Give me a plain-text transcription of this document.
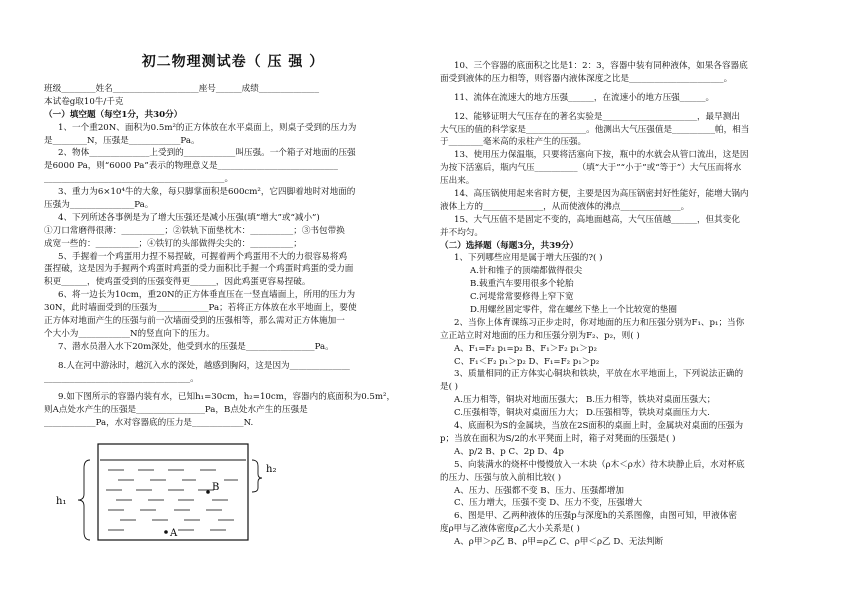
初二物理测试卷（ 压 强 ）
班级________姓名____________________座号______成绩______________
本试卷g取10牛/千克
（一）填空题（每空1分，共30分）
1、一个重20N、面积为0.5m²的正方体放在水平桌面上，则桌子受到的压力为
是________N，压强是____________Pa。
2、物体______________上受到的____________叫压强。一个箱子对地面的压强
是6000 Pa，则“6000 Pa”表示的物理意义是____________________________
__________________________________________。
3、重力为6×10⁴牛的大象，每只脚掌面积是600cm²，它四脚着地时对地面的
压强为_______________Pa。
4、下列所述各事例是为了增大压强还是减小压强(填“增大”或“减小”)
①刀口常磨得很薄：__________；②铁轨下面垫枕木：__________；③书包带换
成宽一些的：__________；④铁钉的头部做得尖尖的：__________；
5、手握着一个鸡蛋用力捏不易捏破，可握着两个鸡蛋用不大的力很容易将鸡
蛋捏破，这是因为手握两个鸡蛋时鸡蛋的受力面积比手握一个鸡蛋时鸡蛋的受力面
积更______，使鸡蛋受到的压强变得更______，因此鸡蛋更容易捏破。
6、将一边长为10cm，重20N的正方体垂直压在一竖直墙面上，所用的压力为
30N，此时墙面受到的压强为____________Pa；若将正方体放在水平地面上，要使
正方体对地面产生的压强与前一次墙面受到的压强相等，那么需对正方体施加一
个大小为____________N的竖直向下的压力。
7、潜水员潜入水下20m深处，他受到水的压强是________________Pa。
8.人在河中游泳时，越沉入水的深处，越感到胸闷，这是因为______________
__________________________________。
9.如下图所示的容器内装有水，已知h₁=30cm，h₂=10cm，容器内的底面积为0.5m²，
则A点处水产生的压强是________________Pa，B点处水产生的压强是
____________Pa，水对容器底的压力是____________N.
h₁
h₂
B
A
10、三个容器的底面积之比是1：2：3，容器中装有同种液体，如果各容器底
面受到液体的压力相等，则容器内液体深度之比是______________________。
11、流体在流速大的地方压强______，在流速小的地方压强______。
12、能够证明大气压存在的著名实验是______________________，最早测出
大气压的值的科学家是______________。他测出大气压强值是__________帕，相当
于________毫米高的汞柱产生的压强。
13、使用压力保温瓶，只要将活塞向下按，瓶中的水就会从管口流出，这是因
为按下活塞后，瓶内气压__________（填“大于”“小于”或“等于”）大气压而将水
压出来。
14、高压锅使用起来省时方便，主要是因为高压锅密封好性能好，能增大锅内
液体上方的______________，从而使液体的沸点______________。
15、大气压值不是固定不变的，高地面越高，大气压值越______，但其变化
并不均匀。
（二）选择题（每题3分，共39分）
1、下列哪些应用是属于增大压强的?( )
A.针和锥子的顶端都做得很尖
B.载重汽车要用很多个轮胎
C.河堤常常要修得上窄下宽
D.用螺丝固定零件，常在螺丝下垫上一个比较宽的垫圈
2、当你上体育课练习正步走时，你对地面的压力和压强分别为F₁、p₁；当你
立正站立时对地面的压力和压强分别为F₂、p₂，则( )
A、F₁=F₂ p₁=p₂ B、F₁＞F₂ p₁＞p₂
C、F₁＜F₂ p₁＞p₂ D、F₁=F₂ p₁＞p₂
3、质量相同的正方体实心铜块和铁块，平放在水平地面上，下列说法正确的
是( )
A.压力相等，铜块对地面压强大； B.压力相等，铁块对桌面压强大；
C.压强相等，铜块对桌面压力大； D.压强相等，铁块对桌面压力大.
4、底面积为S的金属块，当放在2S面积的桌面上时，金属块对桌面的压强为
p；当放在面积为S/2的水平凳面上时，箱子对凳面的压强是( )
A、p/2 B、p C、2p D、4p
5、向装满水的烧杯中慢慢放入一木块（ρ木＜ρ水）待木块静止后，水对杯底
的压力、压强与放入前相比较( )
A、压力、压强都不变 B、压力、压强都增加
C、压力增大，压强不变 D、压力不变，压强增大
6、图是甲、乙两种液体的压强p与深度h的关系图像，由图可知，甲液体密
度ρ甲与乙液体密度ρ乙大小关系是( )
A、ρ甲＞ρ乙 B、ρ甲=ρ乙 C、ρ甲＜ρ乙 D、无法判断
